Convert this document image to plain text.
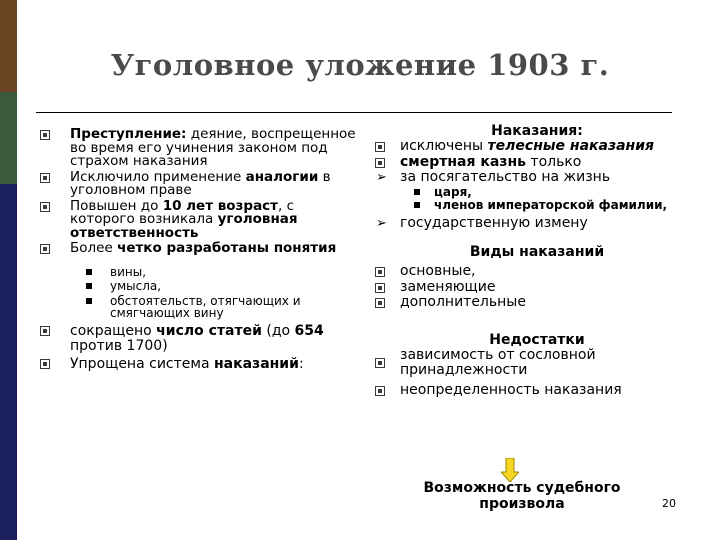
Уголовное уложение 1903 г.
Преступление: деяние, воспрещенное во время его учинения законом под страхом наказания
Исключило применение аналогии в уголовном праве
Повышен до 10 лет возраст, с которого возникала уголовная ответственность
Более четко разработаны понятия
вины,
умысла,
обстоятельств, отягчающих и смягчающих вину
сокращено число статей (до 654 против 1700)
Упрощена система наказаний:
Наказания:
исключены телесные наказания
смертная казнь только
➢ за посягательство на жизнь
царя,
членов императорской фамилии,
➢ государственную измену
Виды наказаний
основные,
заменяющие
дополнительные
Недостатки
зависимость от сословной принадлежности
неопределенность наказания
Возможность судебного произвола	20
